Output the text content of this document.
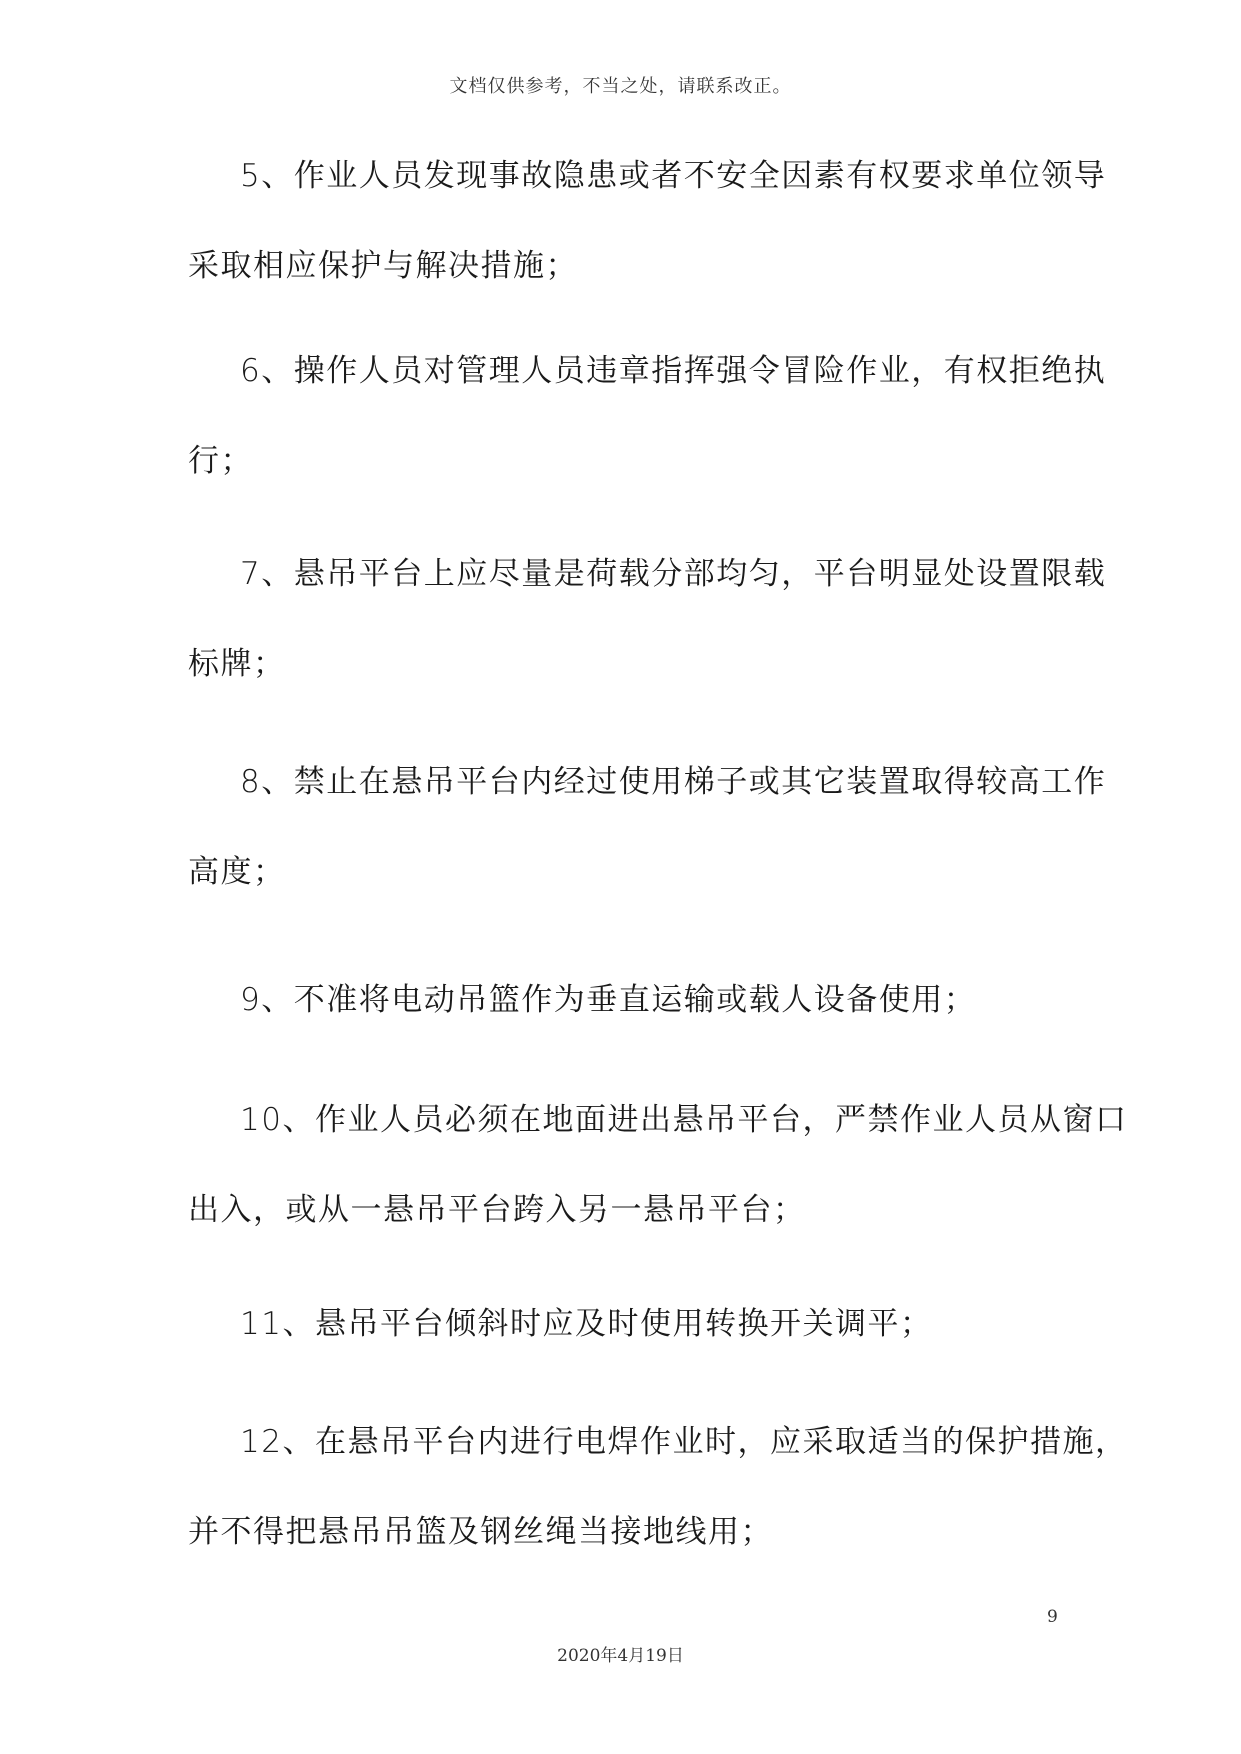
文档仅供参考，不当之处，请联系改正。

5、作业人员发现事故隐患或者不安全因素有权要求单位领导
采取相应保护与解决措施；

6、操作人员对管理人员违章指挥强令冒险作业，有权拒绝执
行；

7、悬吊平台上应尽量是荷载分部均匀，平台明显处设置限载
标牌；

8、禁止在悬吊平台内经过使用梯子或其它装置取得较高工作
高度；

9、不准将电动吊篮作为垂直运输或载人设备使用；

10、作业人员必须在地面进出悬吊平台，严禁作业人员从窗口
出入，或从一悬吊平台跨入另一悬吊平台；

11、悬吊平台倾斜时应及时使用转换开关调平；

12、在悬吊平台内进行电焊作业时，应采取适当的保护措施，
并不得把悬吊吊篮及钢丝绳当接地线用；

9
2020年4月19日
